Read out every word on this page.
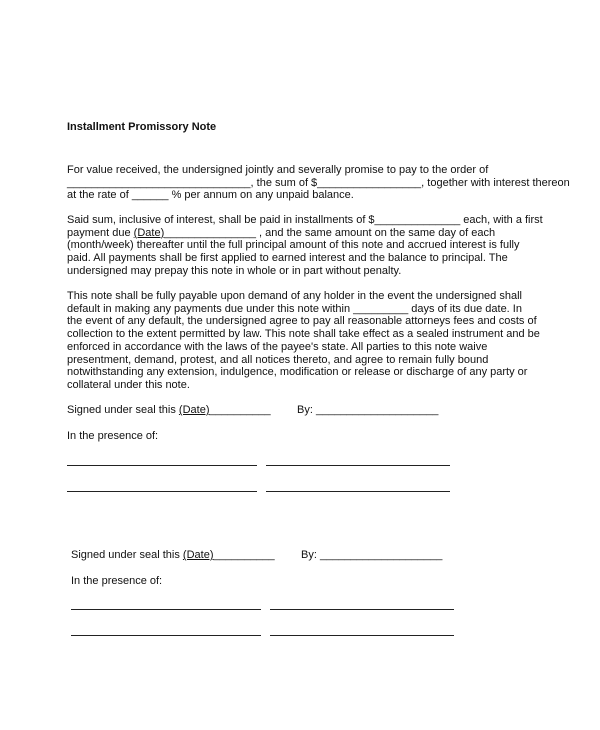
Installment Promissory Note
For value received, the undersigned jointly and severally promise to pay to the order of
______________________________, the sum of $_________________, together with interest thereon
at the rate of ______ % per annum on any unpaid balance.
Said sum, inclusive of interest, shall be paid in installments of $______________ each, with a first
payment due (Date)_______________ , and the same amount on the same day of each
(month/week) thereafter until the full principal amount of this note and accrued interest is fully
paid. All payments shall be first applied to earned interest and the balance to principal. The
undersigned may prepay this note in whole or in part without penalty.
This note shall be fully payable upon demand of any holder in the event the undersigned shall
default in making any payments due under this note within _________ days of its due date. In
the event of any default, the undersigned agree to pay all reasonable attorneys fees and costs of
collection to the extent permitted by law. This note shall take effect as a sealed instrument and be
enforced in accordance with the laws of the payee's state. All parties to this note waive
presentment, demand, protest, and all notices thereto, and agree to remain fully bound
notwithstanding any extension, indulgence, modification or release or discharge of any party or
collateral under this note.
Signed under seal this (Date)__________ By: ____________________
In the presence of:
Signed under seal this (Date)__________ By: ____________________
In the presence of:
